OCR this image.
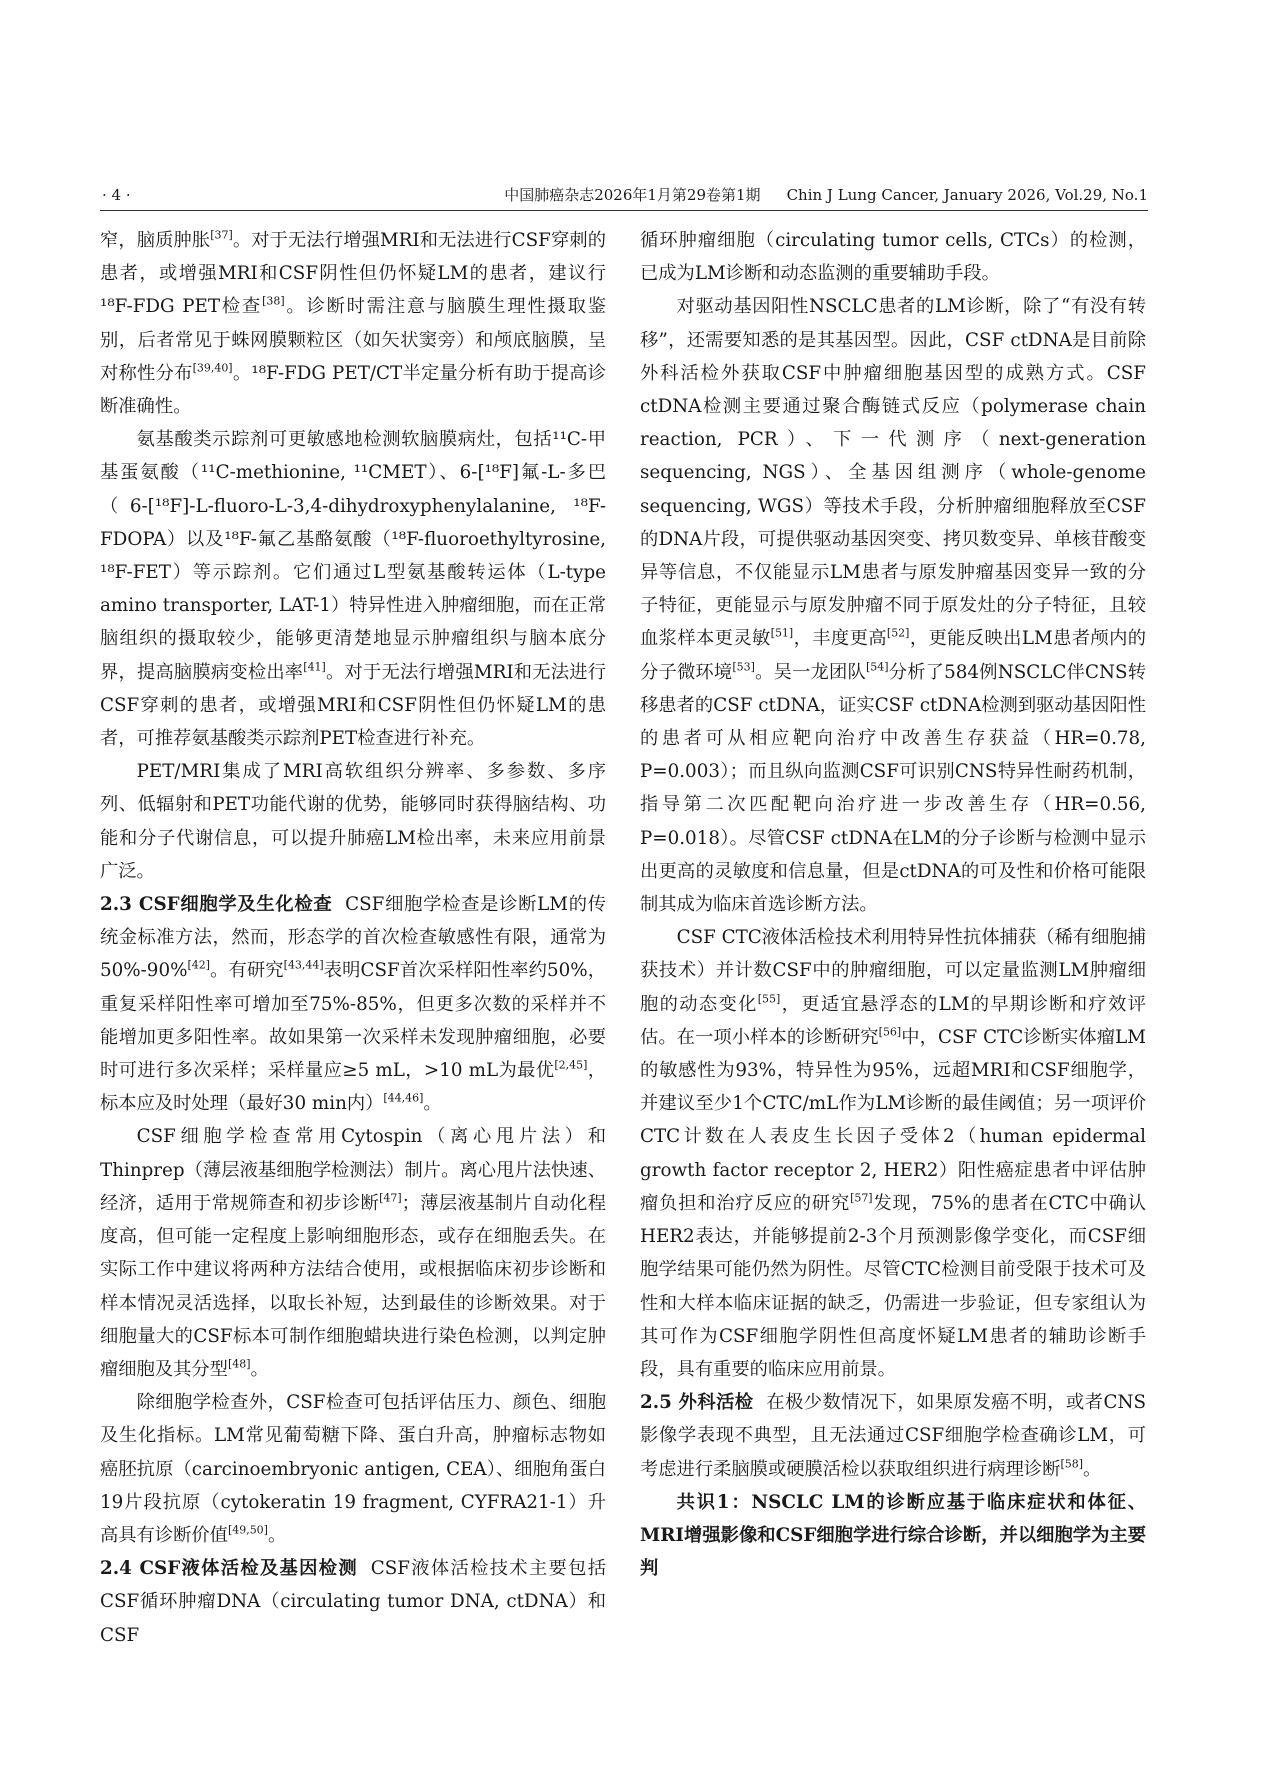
· 4 ·	中国肺癌杂志2026年1月第29卷第1期 Chin J Lung Cancer, January 2026, Vol.29, No.1

窄，脑质肿胀[37]。对于无法行增强MRI和无法进行CSF穿刺的患者，或增强MRI和CSF阴性但仍怀疑LM的患者，建议行¹⁸F-FDG PET检查[38]。诊断时需注意与脑膜生理性摄取鉴别，后者常见于蛛网膜颗粒区（如矢状窦旁）和颅底脑膜，呈对称性分布[39,40]。¹⁸F-FDG PET/CT半定量分析有助于提高诊断准确性。

氨基酸类示踪剂可更敏感地检测软脑膜病灶，包括¹¹C-甲基蛋氨酸（¹¹C-methionine, ¹¹CMET）、6-[¹⁸F]氟-L-多巴（6-[¹⁸F]-L-fluoro-L-3,4-dihydroxyphenylalanine, ¹⁸F-FDOPA）以及¹⁸F-氟乙基酪氨酸（¹⁸F-fluoroethyltyrosine, ¹⁸F-FET）等示踪剂。它们通过L型氨基酸转运体（L-type amino transporter, LAT-1）特异性进入肿瘤细胞，而在正常脑组织的摄取较少，能够更清楚地显示肿瘤组织与脑本底分界，提高脑膜病变检出率[41]。对于无法行增强MRI和无法进行CSF穿刺的患者，或增强MRI和CSF阴性但仍怀疑LM的患者，可推荐氨基酸类示踪剂PET检查进行补充。

PET/MRI集成了MRI高软组织分辨率、多参数、多序列、低辐射和PET功能代谢的优势，能够同时获得脑结构、功能和分子代谢信息，可以提升肺癌LM检出率，未来应用前景广泛。

2.3 CSF细胞学及生化检查 CSF细胞学检查是诊断LM的传统金标准方法，然而，形态学的首次检查敏感性有限，通常为50%-90%[42]。有研究[43,44]表明CSF首次采样阳性率约50%，重复采样阳性率可增加至75%-85%，但更多次数的采样并不能增加更多阳性率。故如果第一次采样未发现肿瘤细胞，必要时可进行多次采样；采样量应≥5 mL，>10 mL为最优[2,45]，标本应及时处理（最好30 min内）[44,46]。

CSF细胞学检查常用Cytospin（离心甩片法）和Thinprep（薄层液基细胞学检测法）制片。离心甩片法快速、经济，适用于常规筛查和初步诊断[47]；薄层液基制片自动化程度高，但可能一定程度上影响细胞形态，或存在细胞丢失。在实际工作中建议将两种方法结合使用，或根据临床初步诊断和样本情况灵活选择，以取长补短，达到最佳的诊断效果。对于细胞量大的CSF标本可制作细胞蜡块进行染色检测，以判定肿瘤细胞及其分型[48]。

除细胞学检查外，CSF检查可包括评估压力、颜色、细胞及生化指标。LM常见葡萄糖下降、蛋白升高，肿瘤标志物如癌胚抗原（carcinoembryonic antigen, CEA）、细胞角蛋白19片段抗原（cytokeratin 19 fragment, CYFRA21-1）升高具有诊断价值[49,50]。

2.4 CSF液体活检及基因检测 CSF液体活检技术主要包括CSF循环肿瘤DNA（circulating tumor DNA, ctDNA）和CSF

循环肿瘤细胞（circulating tumor cells, CTCs）的检测，已成为LM诊断和动态监测的重要辅助手段。

对驱动基因阳性NSCLC患者的LM诊断，除了“有没有转移”，还需要知悉的是其基因型。因此，CSF ctDNA是目前除外科活检外获取CSF中肿瘤细胞基因型的成熟方式。CSF ctDNA检测主要通过聚合酶链式反应（polymerase chain reaction, PCR）、下一代测序（next-generation sequencing, NGS）、全基因组测序（whole-genome sequencing, WGS）等技术手段，分析肿瘤细胞释放至CSF的DNA片段，可提供驱动基因突变、拷贝数变异、单核苷酸变异等信息，不仅能显示LM患者与原发肿瘤基因变异一致的分子特征，更能显示与原发肿瘤不同于原发灶的分子特征，且较血浆样本更灵敏[51]，丰度更高[52]，更能反映出LM患者颅内的分子微环境[53]。吴一龙团队[54]分析了584例NSCLC伴CNS转移患者的CSF ctDNA，证实CSF ctDNA检测到驱动基因阳性的患者可从相应靶向治疗中改善生存获益（HR=0.78, P=0.003）；而且纵向监测CSF可识别CNS特异性耐药机制，指导第二次匹配靶向治疗进一步改善生存（HR=0.56, P=0.018）。尽管CSF ctDNA在LM的分子诊断与检测中显示出更高的灵敏度和信息量，但是ctDNA的可及性和价格可能限制其成为临床首选诊断方法。

CSF CTC液体活检技术利用特异性抗体捕获（稀有细胞捕获技术）并计数CSF中的肿瘤细胞，可以定量监测LM肿瘤细胞的动态变化[55]，更适宜悬浮态的LM的早期诊断和疗效评估。在一项小样本的诊断研究[56]中，CSF CTC诊断实体瘤LM的敏感性为93%，特异性为95%，远超MRI和CSF细胞学，并建议至少1个CTC/mL作为LM诊断的最佳阈值；另一项评价CTC计数在人表皮生长因子受体2（human epidermal growth factor receptor 2, HER2）阳性癌症患者中评估肿瘤负担和治疗反应的研究[57]发现，75%的患者在CTC中确认HER2表达，并能够提前2-3个月预测影像学变化，而CSF细胞学结果可能仍然为阴性。尽管CTC检测目前受限于技术可及性和大样本临床证据的缺乏，仍需进一步验证，但专家组认为其可作为CSF细胞学阴性但高度怀疑LM患者的辅助诊断手段，具有重要的临床应用前景。

2.5 外科活检 在极少数情况下，如果原发癌不明，或者CNS影像学表现不典型，且无法通过CSF细胞学检查确诊LM，可考虑进行柔脑膜或硬膜活检以获取组织进行病理诊断[58]。

共识1：NSCLC LM的诊断应基于临床症状和体征、MRI增强影像和CSF细胞学进行综合诊断，并以细胞学为主要判
